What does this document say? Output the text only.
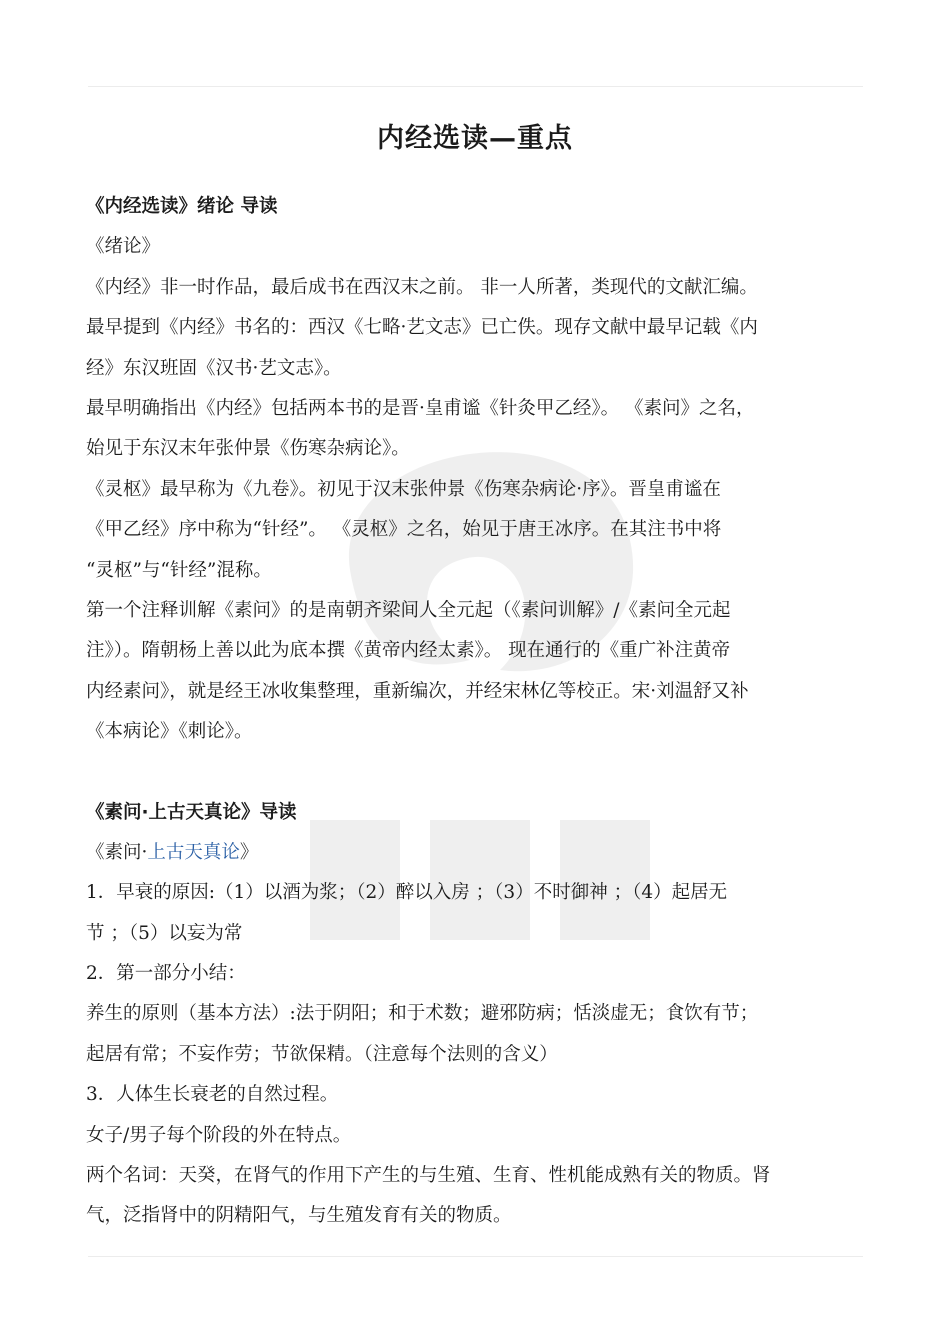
内经选读—重点
《内经选读》绪论 导读
《绪论》
《内经》非一时作品，最后成书在西汉末之前。 非一人所著，类现代的文献汇编。
最早提到《内经》书名的：西汉《七略·艺文志》已亡佚。现存文献中最早记载《内
经》东汉班固《汉书·艺文志》。
最早明确指出《内经》包括两本书的是晋·皇甫谧《针灸甲乙经》。 《素问》之名，
始见于东汉末年张仲景《伤寒杂病论》。
《灵枢》最早称为《九卷》。初见于汉末张仲景《伤寒杂病论·序》。晋皇甫谧在
《甲乙经》序中称为“针经”。 《灵枢》之名，始见于唐王冰序。在其注书中将
“灵枢”与“针经”混称。
第一个注释训解《素问》的是南朝齐梁间人全元起（《素问训解》/《素问全元起
注》）。隋朝杨上善以此为底本撰《黄帝内经太素》。 现在通行的《重广补注黄帝
内经素问》，就是经王冰收集整理，重新编次，并经宋林亿等校正。宋·刘温舒又补
《本病论》《刺论》。
《素问·上古天真论》导读
《素问·上古天真论》
1．早衰的原因:（1）以酒为浆；（2）醉以入房 ；（3）不时御神 ；（4）起居无
节 ；（5）以妄为常
2．第一部分小结：
养生的原则（基本方法）:法于阴阳；和于术数；避邪防病；恬淡虚无；食饮有节；
起居有常；不妄作劳；节欲保精。（注意每个法则的含义）
3．人体生长衰老的自然过程。
女子/男子每个阶段的外在特点。
两个名词：天癸，在肾气的作用下产生的与生殖、生育、性机能成熟有关的物质。肾
气，泛指肾中的阴精阳气，与生殖发育有关的物质。
